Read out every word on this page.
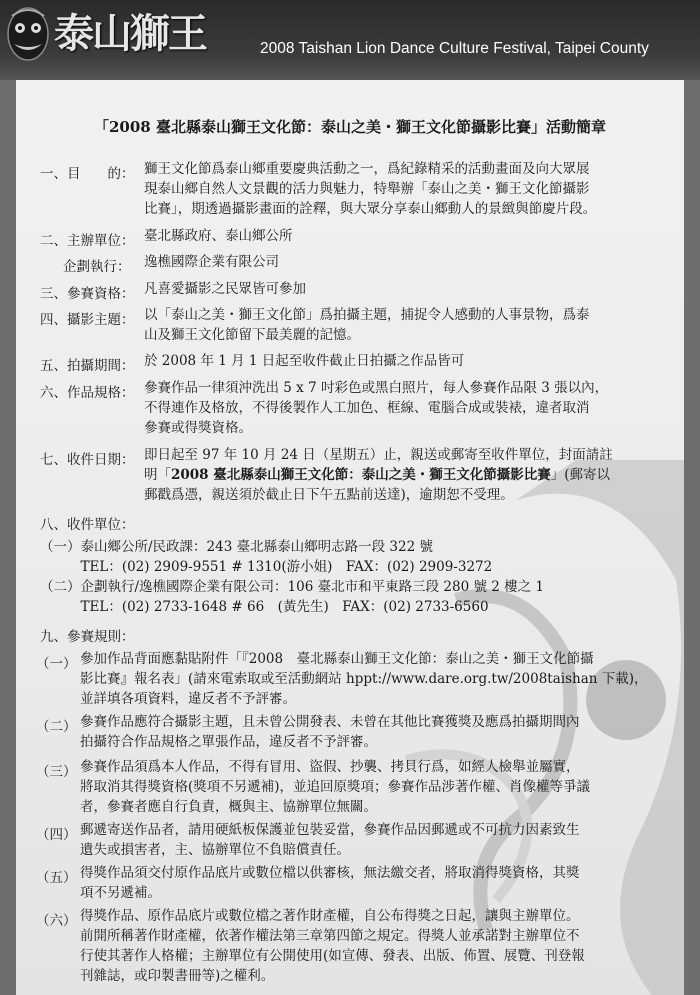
泰山獅王	2008 Taishan Lion Dance Culture Festival, Taipei County
「2008 臺北縣泰山獅王文化節：泰山之美・獅王文化節攝影比賽」活動簡章
一、目　　的： 獅王文化節爲泰山鄉重要慶典活動之一，爲紀錄精采的活動畫面及向大眾展
現泰山鄉自然人文景觀的活力與魅力，特舉辦「泰山之美・獅王文化節攝影
比賽」，期透過攝影畫面的詮釋，與大眾分享泰山鄉動人的景緻與節慶片段。
二、主辦單位： 臺北縣政府、泰山鄉公所
企劃執行： 逸樵國際企業有限公司
三、參賽資格： 凡喜愛攝影之民眾皆可參加
四、攝影主題： 以「泰山之美・獅王文化節」爲拍攝主題，捕捉令人感動的人事景物，爲泰
山及獅王文化節留下最美麗的記憶。
五、拍攝期間： 於 2008 年 1 月 1 日起至收件截止日拍攝之作品皆可
六、作品規格： 參賽作品一律須沖洗出 5 x 7 吋彩色或黑白照片，每人參賽作品限 3 張以內，
不得連作及格放，不得後製作人工加色、框線、電腦合成或裝裱，違者取消
參賽或得獎資格。
七、收件日期： 即日起至 97 年 10 月 24 日（星期五）止，親送或郵寄至收件單位，封面請註
明「2008 臺北縣泰山獅王文化節：泰山之美・獅王文化節攝影比賽」(郵寄以
郵戳爲憑，親送須於截止日下午五點前送達)，逾期恕不受理。
八、收件單位：
（一）泰山鄉公所/民政課：243 臺北縣泰山鄉明志路一段 322 號
　　　TEL：(02) 2909-9551 # 1310(游小姐)　FAX：(02) 2909-3272
（二）企劃執行/逸樵國際企業有限公司：106 臺北市和平東路三段 280 號 2 樓之 1
　　　TEL：(02) 2733-1648 # 66　(黃先生)　FAX：(02) 2733-6560
九、參賽規則：
（一） 參加作品背面應黏貼附件「『2008　臺北縣泰山獅王文化節：泰山之美・獅王文化節攝
影比賽』報名表」(請來電索取或至活動網站 hppt://www.dare.org.tw/2008taishan 下載)，
並詳填各項資料，違反者不予評審。
（二） 參賽作品應符合攝影主題，且未曾公開發表、未曾在其他比賽獲獎及應爲拍攝期間內
拍攝符合作品規格之單張作品，違反者不予評審。
（三） 參賽作品須爲本人作品，不得有冒用、盜假、抄襲、拷貝行爲，如經人檢舉並屬實，
將取消其得獎資格(獎項不另遞補)，並追回原獎項；參賽作品涉著作權、肖像權等爭議
者，參賽者應自行負責，概與主、協辦單位無關。
（四） 郵遞寄送作品者，請用硬紙板保護並包裝妥當，參賽作品因郵遞或不可抗力因素致生
遺失或損害者，主、協辦單位不負賠償責任。
（五） 得獎作品須交付原作品底片或數位檔以供審核，無法繳交者，將取消得獎資格，其獎
項不另遞補。
（六） 得獎作品、原作品底片或數位檔之著作財產權，自公布得獎之日起，讓與主辦單位。
前開所稱著作財產權，依著作權法第三章第四節之規定。得獎人並承諾對主辦單位不
行使其著作人格權；主辦單位有公開使用(如宣傳、發表、出版、佈置、展覽、刊登報
刊雜誌，或印製書冊等)之權利。
